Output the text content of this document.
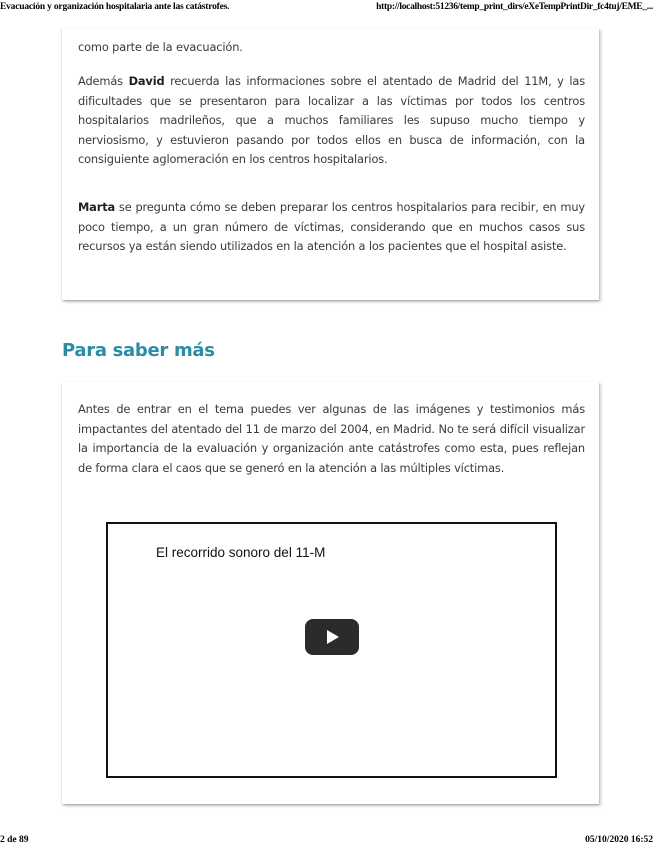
Evacuación y organización hospitalaria ante las catástrofes.	http://localhost:51236/temp_print_dirs/eXeTempPrintDir_fc4tuj/EME_...

como parte de la evacuación.

Además David recuerda las informaciones sobre el atentado de Madrid del 11M, y las dificultades que se presentaron para localizar a las víctimas por todos los centros hospitalarios madrileños, que a muchos familiares les supuso mucho tiempo y nerviosismo, y estuvieron pasando por todos ellos en busca de información, con la consiguiente aglomeración en los centros hospitalarios.

Marta se pregunta cómo se deben preparar los centros hospitalarios para recibir, en muy poco tiempo, a un gran número de víctimas, considerando que en muchos casos sus recursos ya están siendo utilizados en la atención a los pacientes que el hospital asiste.

Para saber más

Antes de entrar en el tema puedes ver algunas de las imágenes y testimonios más impactantes del atentado del 11 de marzo del 2004, en Madrid. No te será difícil visualizar la importancia de la evaluación y organización ante catástrofes como esta, pues reflejan de forma clara el caos que se generó en la atención a las múltiples víctimas.

El recorrido sonoro del 11-M
2 de 89	05/10/2020 16:52
